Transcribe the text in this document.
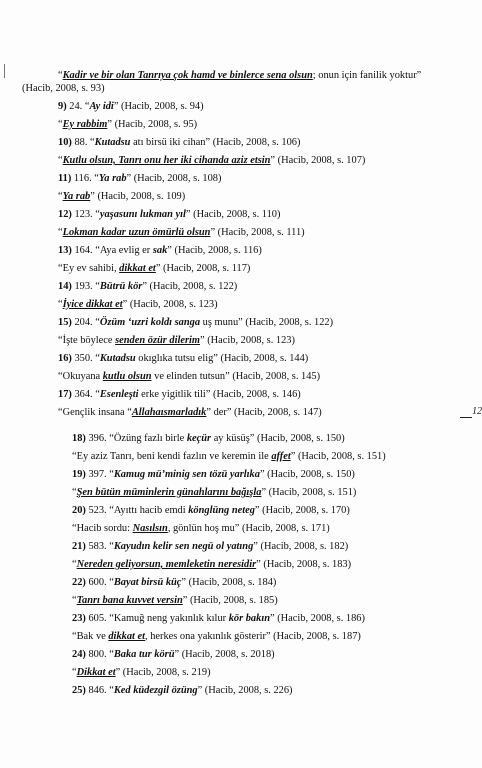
“Kadir ve bir olan Tanrıya çok hamd ve binlerce sena olsun; onun için fanilik yoktur”
(Hacib, 2008, s. 93)
9) 24. “Ay idi” (Hacib, 2008, s. 94)
“Ey rabbim” (Hacib, 2008, s. 95)
10) 88. “Kutadsu atı birsü iki cihan” (Hacib, 2008, s. 106)
“Kutlu olsun, Tanrı onu her iki cihanda aziz etsin” (Hacib, 2008, s. 107)
11) 116. “Ya rab” (Hacib, 2008, s. 108)
“Ya rab” (Hacib, 2008, s. 109)
12) 123. “yaşasunı lukman yıl” (Hacib, 2008, s. 110)
“Lokman kadar uzun ömürlü olsun” (Hacib, 2008, s. 111)
13) 164. “Aya evlig er sak” (Hacib, 2008, s. 116)
“Ey ev sahibi, dikkat et” (Hacib, 2008, s. 117)
14) 193. “Bütrü kör” (Hacib, 2008, s. 122)
“İyice dikkat et” (Hacib, 2008, s. 123)
15) 204. “Özüm ‘uzri koldı sanga uş munu” (Hacib, 2008, s. 122)
“İşte böylece senden özür dilerim” (Hacib, 2008, s. 123)
16) 350. “Kutadsu okıglıka tutsu elig” (Hacib, 2008, s. 144)
“Okuyana kutlu olsun ve elinden tutsun” (Hacib, 2008, s. 145)
17) 364. “Esenleşti erke yigitlik tili” (Hacib, 2008, s. 146)
“Gençlik insana “Allahaısmarladık” der” (Hacib, 2008, s. 147)
18) 396. “Özüng fazlı birle keçür ay küsüş” (Hacib, 2008, s. 150)
“Ey aziz Tanrı, beni kendi fazlın ve keremin ile affet” (Hacib, 2008, s. 151)
19) 397. “Kamug mü’minig sen tözü yarlıka” (Hacib, 2008, s. 150)
“Şen bütün müminlerin günahlarını bağışla” (Hacib, 2008, s. 151)
20) 523. “Ayıttı hacib emdi könglüng neteg” (Hacib, 2008, s. 170)
“Hacib sordu: Nasılsın, gönlün hoş mu” (Hacib, 2008, s. 171)
21) 583. “Kayudın kelir sen negü ol yatıng” (Hacib, 2008, s. 182)
“Nereden geliyorsun, memleketin neresidir” (Hacib, 2008, s. 183)
22) 600. “Bayat birsü küç” (Hacib, 2008, s. 184)
“Tanrı bana kuvvet versin” (Hacib, 2008, s. 185)
23) 605. “Kamuğ neng yakınlık kılur kör bakın” (Hacib, 2008, s. 186)
“Bak ve dikkat et, herkes ona yakınlık gösterir” (Hacib, 2008, s. 187)
24) 800. “Baka tur körü” (Hacib, 2008, s. 2018)
“Dikkat et” (Hacib, 2008, s. 219)
25) 846. “Ked küdezgil özüng” (Hacib, 2008, s. 226)
12
